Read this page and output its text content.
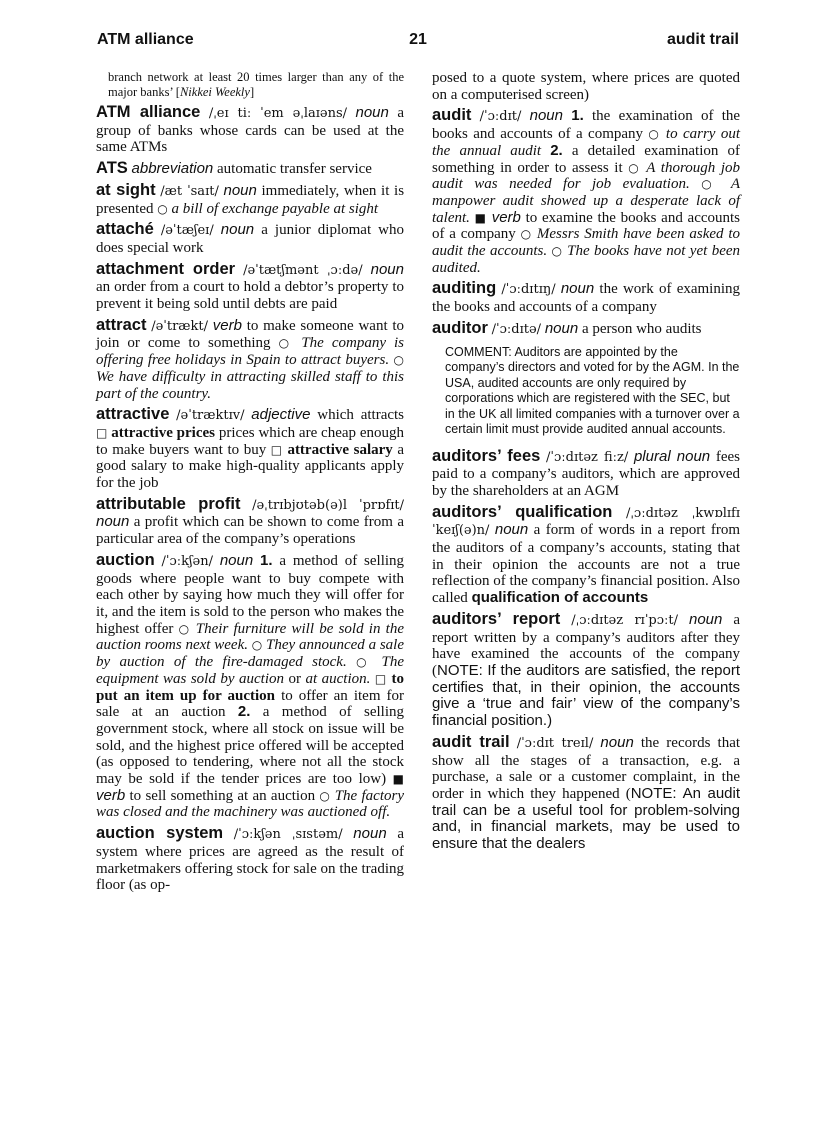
21
ATM alliance	audit trail

branch network at least 20 times larger than any of the major banks’ [Nikkei Weekly]

ATM alliance /ˌeɪ tiː ˈem əˌlaɪəns/ noun a group of banks whose cards can be used at the same ATMs

ATS abbreviation automatic transfer service

at sight /æt ˈsaɪt/ noun immediately, when it is presented ○ a bill of exchange payable at sight

attaché /əˈtæʃeɪ/ noun a junior diplomat who does special work

attachment order /əˈtætʃmənt ˌɔːdə/ noun an order from a court to hold a debtor’s property to prevent it being sold until debts are paid

attract /əˈtrækt/ verb to make someone want to join or come to something ○ The company is offering free holidays in Spain to attract buyers. ○ We have difficulty in attracting skilled staff to this part of the country.

attractive /əˈtræktɪv/ adjective which attracts □ attractive prices prices which are cheap enough to make buyers want to buy □ attractive salary a good salary to make high-quality applicants apply for the job

attributable profit /əˌtrɪbjʊtəb(ə)l ˈprɒfɪt/ noun a profit which can be shown to come from a particular area of the company’s operations

auction /ˈɔːkʃən/ noun 1. a method of selling goods where people want to buy compete with each other by saying how much they will offer for it, and the item is sold to the person who makes the highest offer ○ Their furniture will be sold in the auction rooms next week. ○ They announced a sale by auction of the fire-damaged stock. ○ The equipment was sold by auction or at auction. □ to put an item up for auction to offer an item for sale at an auction 2. a method of selling government stock, where all stock on issue will be sold, and the highest price offered will be accepted (as opposed to tendering, where not all the stock may be sold if the tender prices are too low) ■ verb to sell something at an auction ○ The factory was closed and the machinery was auctioned off.

auction system /ˈɔːkʃən ˌsɪstəm/ noun a system where prices are agreed as the result of marketmakers offering stock for sale on the trading floor (as op-

posed to a quote system, where prices are quoted on a computerised screen)

audit /ˈɔːdɪt/ noun 1. the examination of the books and accounts of a company ○ to carry out the annual audit 2. a detailed examination of something in order to assess it ○ A thorough job audit was needed for job evaluation. ○ A manpower audit showed up a desperate lack of talent. ■ verb to examine the books and accounts of a company ○ Messrs Smith have been asked to audit the accounts. ○ The books have not yet been audited.

auditing /ˈɔːdɪtɪŋ/ noun the work of examining the books and accounts of a company

auditor /ˈɔːdɪtə/ noun a person who audits

COMMENT: Auditors are appointed by the company’s directors and voted for by the AGM. In the USA, audited accounts are only required by corporations which are registered with the SEC, but in the UK all limited companies with a turnover over a certain limit must provide audited annual accounts.

auditors’ fees /ˈɔːdɪtəz fiːz/ plural noun fees paid to a company’s auditors, which are approved by the shareholders at an AGM

auditors’ qualification /ˌɔːdɪtəz ˌkwɒlɪfɪˈkeɪʃ(ə)n/ noun a form of words in a report from the auditors of a company’s accounts, stating that in their opinion the accounts are not a true reflection of the company’s financial position. Also called qualification of accounts

auditors’ report /ˌɔːdɪtəz rɪˈpɔːt/ noun a report written by a company’s auditors after they have examined the accounts of the company (NOTE: If the auditors are satisfied, the report certifies that, in their opinion, the accounts give a ‘true and fair’ view of the company’s financial position.)

audit trail /ˈɔːdɪt treɪl/ noun the records that show all the stages of a transaction, e.g. a purchase, a sale or a customer complaint, in the order in which they happened (NOTE: An audit trail can be a useful tool for problem-solving and, in financial markets, may be used to ensure that the dealers
